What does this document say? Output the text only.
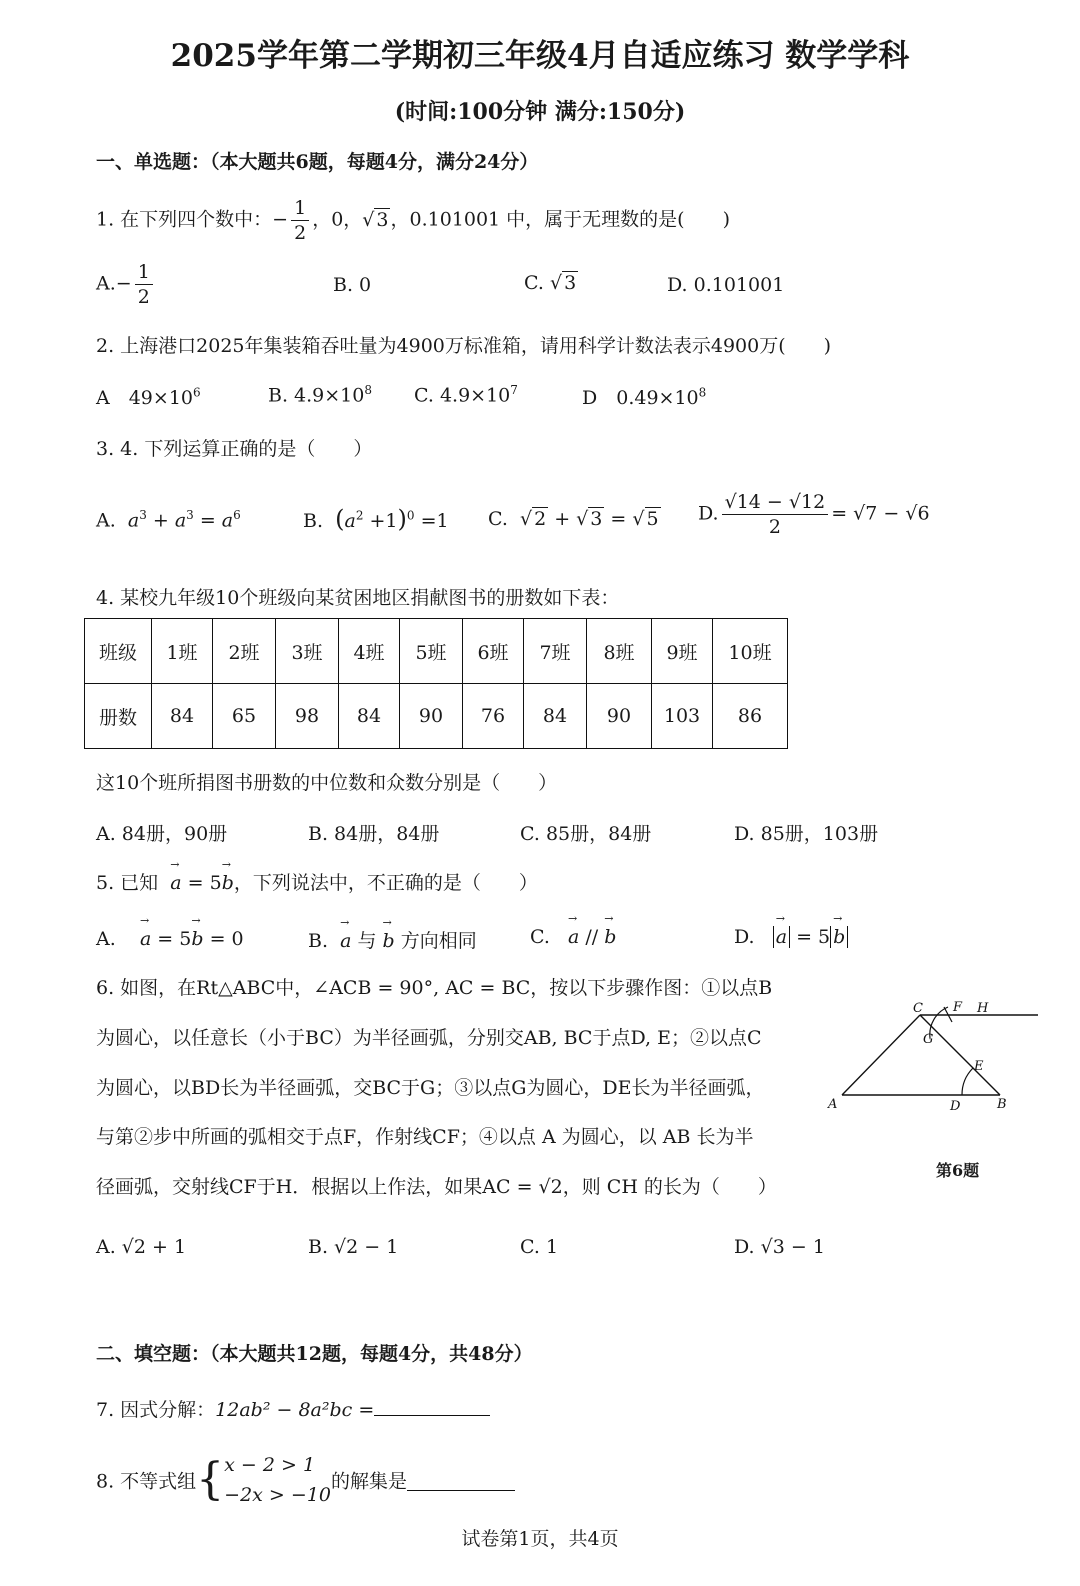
2025学年第二学期初三年级4月自适应练习 数学学科
(时间:100分钟 满分:150分)
一、单选题：（本大题共6题，每题4分，满分24分）
1. 在下列四个数中：− $\frac{1}{2}$ ，0，√ 3 ，0.101001 中，属于无理数的是(　　)
$A.- \frac{1}{2}$	B. 0	C. √ 3	D. 0.101001
2. 上海港口2025年集装箱吞吐量为4900万标准箱，请用科学计数法表示4900万(　　)
A　$49\times 10^6$	B. $4.9\times 10^8$ C. $4.9\times 10^7$	D　$0.49\times 10^8$
3. 4. 下列运算正确的是（　　）
A. $a^3 + a^3 = a^6$	B. $(a^2 +1)^0 =1$ C.  √ 2 + √ 3 = √ 5 D. $\frac{√14 - √12}{2} = √7 - √6$
4. 某校九年级10个班级向某贫困地区捐献图书的册数如下表：
班级	1班	2班	3班	4班	5班	6班	7班	8班	9班	10班
册数	84	65	98	84	90	76	84	90	103	86
这10个班所捐图书册数的中位数和众数分别是（　　）
A. 84册，90册	B. 84册，84册	C. 85册，84册	D. 85册，103册
5. 已知 → a = 5→ b，下列说法中，不正确的是（　　）
A. → a = 5→ b = 0	B. → a 与 → b 方向相同	C. → a // → b	D. → a = 5 → b
6. 如图，在Rt△ABC中，∠ACB = 90°, AC = BC，按以下步骤作图：①以点B
为圆心，以任意长（小于BC）为半径画弧，分别交AB, BC于点D, E；②以点C
为圆心，以BD长为半径画弧，交BC于G；③以点G为圆心，DE长为半径画弧，
与第②步中所画的弧相交于点F，作射线CF；④以点 A 为圆心，以 AB 长为半
径画弧，交射线CF于H．根据以上作法，如果AC = √2，则 CH 的长为（　　）
C F H
G
E
A	D	B
第6题
A. √2 + 1	B. √2 − 1	C. 1	D. √3 − 1
二、填空题：（本大题共12题，每题4分，共48分）
7. 因式分解：12ab² − 8a²bc =
8. 不等式组{ x − 2 > 1
−2x > −10
的解集是
试卷第1页，共4页
